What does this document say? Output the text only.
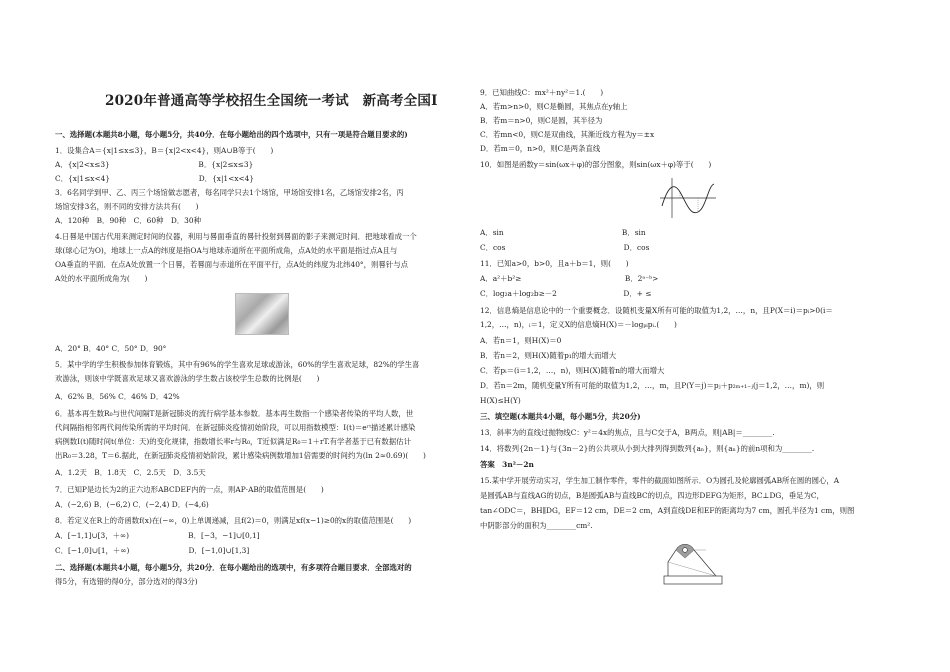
2020年普通高等学校招生全国统一考试　新高考全国Ⅰ
一、选择题(本题共8小题，每小题5分，共40分．在每小题给出的四个选项中，只有一项是符合题目要求的)
1．设集合A＝{x|1≤x≤3}，B＝{x|2<x<4}，则A∪B等于(　　)
A．{x|2<x≤3}　　　　　　　　　　　　B．{x|2≤x≤3}
C．{x|1≤x<4}　　　　　　　　　　　　D．{x|1<x<4}
3．6名同学到甲、乙、丙三个场馆做志愿者，每名同学只去1个场馆，甲场馆安排1名，乙场馆安排2名，丙
场馆安排3名，则不同的安排方法共有(　　)
A．120种　B．90种　C．60种　D．30种
4.日晷是中国古代用来测定时间的仪器，利用与晷面垂直的晷针投射到晷面的影子来测定时间．把地球看成一个
球(球心记为O)，地球上一点A的纬度是指OA与地球赤道所在平面所成角，点A处的水平面是指过点A且与
OA垂直的平面．在点A处放置一个日晷，若晷面与赤道所在平面平行，点A处的纬度为北纬40°，则晷针与点
A处的水平面所成角为(　　)
A．20° B．40° C．50° D．90°
5．某中学的学生积极参加体育锻炼，其中有96%的学生喜欢足球或游泳，60%的学生喜欢足球，82%的学生喜
欢游泳，则该中学既喜欢足球又喜欢游泳的学生数占该校学生总数的比例是(　　)
A．62% B．56% C．46% D．42%
6．基本再生数R₀与世代间隔T是新冠肺炎的流行病学基本参数．基本再生数指一个感染者传染的平均人数，世
代间隔指相邻两代间传染所需的平均时间．在新冠肺炎疫情初始阶段，可以用指数模型：I(t)＝eʳᵗ描述累计感染
病例数I(t)随时间t(单位：天)的变化规律，指数增长率r与R₀，T近似满足R₀＝1＋rT.有学者基于已有数据估计
出R₀＝3.28，T＝6.据此，在新冠肺炎疫情初始阶段，累计感染病例数增加1倍需要的时间约为(ln 2≈0.69)(　　)
A．1.2天　B．1.8天　C．2.5天　D．3.5天
7．已知P是边长为2的正六边形ABCDEF内的一点，则AP·AB的取值范围是(　　)
A．(−2,6) B．(−6,2) C．(−2,4) D．(−4,6)
8．若定义在R上的奇函数f(x)在(−∞，0)上单调递减，且f(2)＝0，则满足xf(x−1)≥0的x的取值范围是(　　)
A．[−1,1]∪[3，＋∞)　　　　　　　　B．[−3，−1]∪[0,1]
C．[−1,0]∪[1，＋∞)　　　　　　　　D．[−1,0]∪[1,3]
二、选择题(本题共4小题，每小题5分，共20分．在每小题给出的选项中，有多项符合题目要求．全部选对的
得5分，有选错的得0分，部分选对的得3分)
9．已知曲线C：mx²＋ny²＝1.(　　)
A．若m>n>0，则C是椭圆，其焦点在y轴上
B．若m＝n>0，则C是圆，其半径为
C．若mn<0，则C是双曲线，其渐近线方程为y＝±x
D．若m＝0，n>0，则C是两条直线
10．如图是函数y＝sin(ωx＋φ)的部分图象，则sin(ωx＋φ)等于(　　)
A．sin　　　　　　　　　　　　　　　　B．sin
C．cos　　　　　　　　　　　　　　　　D．cos
11．已知a>0，b>0，且a＋b＝1，则(　　)
A．a²＋b²≥　　　　　　　　　　　　　　B．2ᵃ⁻ᵇ>
C．log₂a＋log₂b≥－2　　　　　　　　　D．+ ≤
12．信息熵是信息论中的一个重要概念．设随机变量X所有可能的取值为1,2，…，n，且P(X＝i)＝pᵢ>0(i＝
1,2，…，n)，ᵢ＝1，定义X的信息熵H(X)＝－logₚᵢpᵢ.(　　)
A．若n＝1，则H(X)＝0
B．若n＝2，则H(X)随着p₁的增大而增大
C．若pᵢ＝(i＝1,2，…，n)，则H(X)随着n的增大而增大
D．若n＝2m，随机变量Y所有可能的取值为1,2，…，m，且P(Y＝j)＝pⱼ＋p₂ₘ₊₁₋ⱼ(j＝1,2，…，m)，则
H(X)≤H(Y)
三、填空题(本题共4小题，每小题5分，共20分)
13．斜率为的直线过抛物线C：y²＝4x的焦点，且与C交于A，B两点，则|AB|＝________.
14．将数列{2n－1}与{3n－2}的公共项从小到大排列得到数列{aₙ}，则{aₙ}的前n项和为________.
答案　3n²－2n
15.某中学开展劳动实习，学生加工制作零件，零件的截面如图所示．O为圆孔及轮廓圆弧AB所在圆的圆心，A
是圆弧AB与直线AG的切点，B是圆弧AB与直线BC的切点，四边形DEFG为矩形，BC⊥DG，垂足为C，
tan∠ODC＝，BH∥DG，EF＝12 cm，DE＝2 cm，A到直线DE和EF的距离均为7 cm，圆孔半径为1 cm，则图
中阴影部分的面积为________cm².
